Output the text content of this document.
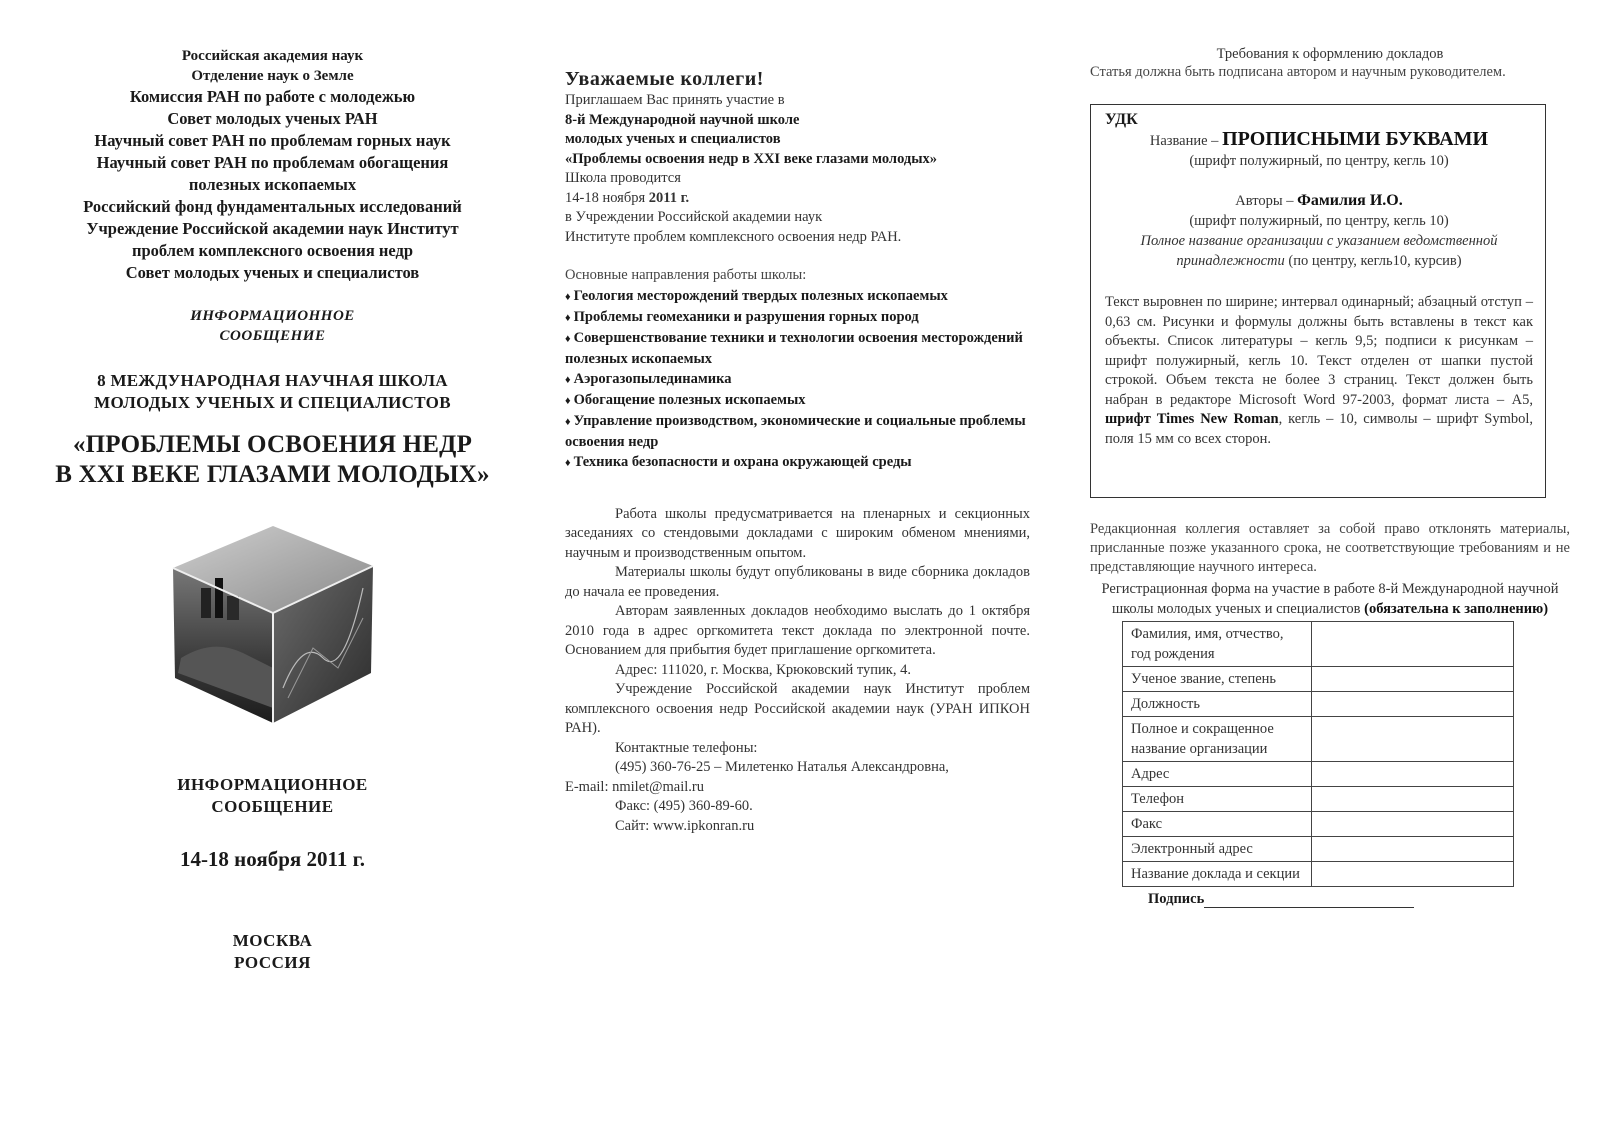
Российская академия наук

Отделение наук о Земле

Комиссия РАН по работе с молодежью

Совет молодых ученых РАН

Научный совет РАН по проблемам горных наук

Научный совет РАН по проблемам обогащения

полезных ископаемых

Российский фонд фундаментальных исследований

Учреждение Российской академии наук Институт

проблем комплексного освоения недр

Совет молодых ученых и специалистов

ИНФОРМАЦИОННОЕ
СООБЩЕНИЕ
8 МЕЖДУНАРОДНАЯ НАУЧНАЯ ШКОЛА
МОЛОДЫХ УЧЕНЫХ И СПЕЦИАЛИСТОВ
«ПРОБЛЕМЫ ОСВОЕНИЯ НЕДР
В XXI ВЕКЕ ГЛАЗАМИ МОЛОДЫХ»
ИНФОРМАЦИОННОЕ
СООБЩЕНИЕ
14-18 ноября 2011 г.
МОСКВА
РОССИЯ
Уважаемые коллеги!

Приглашаем Вас принять участие в

8-й Международной научной школе

молодых ученых и специалистов

«Проблемы освоения недр в XXI веке глазами молодых»

Школа проводится

14-18 ноября 2011 г.

в Учреждении Российской академии наук

Институте проблем комплексного освоения недр РАН.

Основные направления работы школы:

♦ Геология месторождений твердых полезных ископаемых

♦ Проблемы геомеханики и разрушения горных пород

♦ Совершенствование техники и технологии освоения месторождений полезных ископаемых

♦ Аэрогазопылединамика

♦ Обогащение полезных ископаемых

♦ Управление производством, экономические и социальные проблемы освоения недр

♦ Техника безопасности и охрана окружающей среды

Работа школы предусматривается на пленарных и секционных заседаниях со стендовыми докладами с широким обменом мнениями, научным и производственным опытом.

Материалы школы будут опубликованы в виде сборника докладов до начала ее проведения.

Авторам заявленных докладов необходимо выслать до 1 октября 2010 года в адрес оргкомитета текст доклада по электронной почте. Основанием для прибытия будет приглашение оргкомитета.

Адрес: 111020, г. Москва, Крюковский тупик, 4.

Учреждение Российской академии наук Институт проблем комплексного освоения недр Российской академии наук (УРАН ИПКОН РАН).

Контактные телефоны:

(495) 360-76-25 – Милетенко Наталья Александровна,

E-mail: nmilet@mail.ru

Факс: (495) 360-89-60.

Сайт: www.ipkonran.ru

Требования к оформлению докладов
Статья должна быть подписана автором и научным руководителем.
УДК
Название – ПРОПИСНЫМИ БУКВАМИ
(шрифт полужирный, по центру, кегль 10)
Авторы – Фамилия И.О.
(шрифт полужирный, по центру, кегль 10)
Полное название организации с указанием ведомственной принадлежности (по центру, кегль10, курсив)
Текст выровнен по ширине; интервал одинарный; абзацный отступ – 0,63 см. Рисунки и формулы должны быть вставлены в текст как объекты. Список литературы – кегль 9,5; подписи к рисункам – шрифт полужирный, кегль 10. Текст отделен от шапки пустой строкой. Объем текста не более 3 страниц. Текст должен быть набран в редакторе Microsoft Word 97-2003, формат листа – А5, шрифт Times New Roman, кегль – 10, символы – шрифт Symbol, поля 15 мм со всех сторон.
Редакционная коллегия оставляет за собой право отклонять материалы, присланные позже указанного срока, не соответствующие требованиям и не представляющие научного интереса.
Регистрационная форма на участие в работе 8-й Международной научной школы молодых ученых и специалистов (обязательна к заполнению)
Фамилия, имя, отчество, год рождения	
Ученое звание, степень	
Должность	
Полное и сокращенное название организации	
Адрес	
Телефон	
Факс	
Электронный адрес	
Название доклада и секции	
Подпись
